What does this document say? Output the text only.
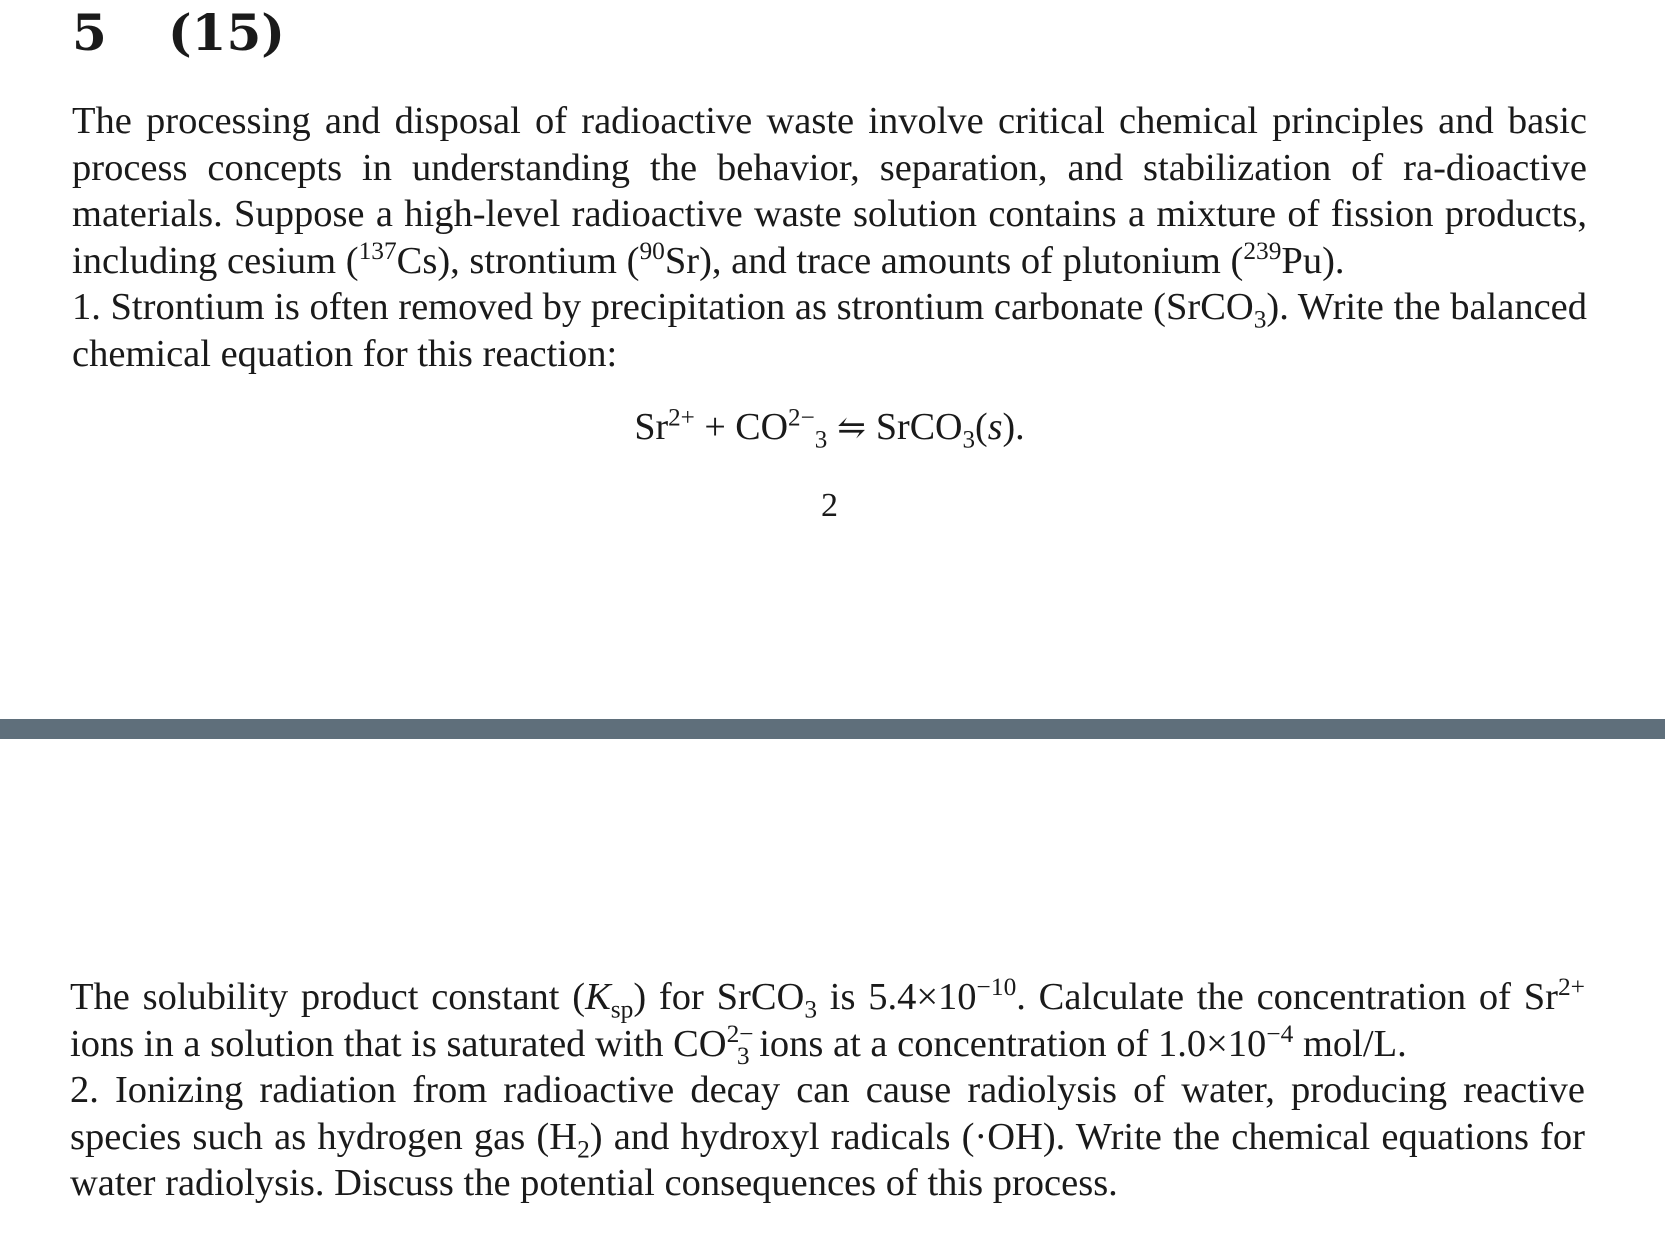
5 (15)

The processing and disposal of radioactive waste involve critical chemical principles and basic process concepts in understanding the behavior, separation, and stabilization of ra-dioactive materials. Suppose a high-level radioactive waste solution contains a mixture of fission products, including cesium ($^{137}$Cs), strontium ($^{90}$Sr), and trace amounts of plutonium ($^{239}$Pu).

1. Strontium is often removed by precipitation as strontium carbonate (SrCO$_3$). Write the balanced chemical equation for this reaction:

$Sr^{2+} + CO^{2-}_3$ ⇋ SrCO$_3$(s).
2

The solubility product constant $(K_{sp})$ for SrCO$_3$ is $5.4\times 10^{-10}$. Calculate the concentration of $Sr^{2+}$ ions in a solution that is saturated with $CO^{2-}_3$ ions at a concentration of $1.0\times 10^{-4}$ mol/L.

2. Ionizing radiation from radioactive decay can cause radiolysis of water, producing reactive species such as hydrogen gas $(H_2)$ and hydroxyl radicals (·OH). Write the chemical equations for water radiolysis. Discuss the potential consequences of this process.
